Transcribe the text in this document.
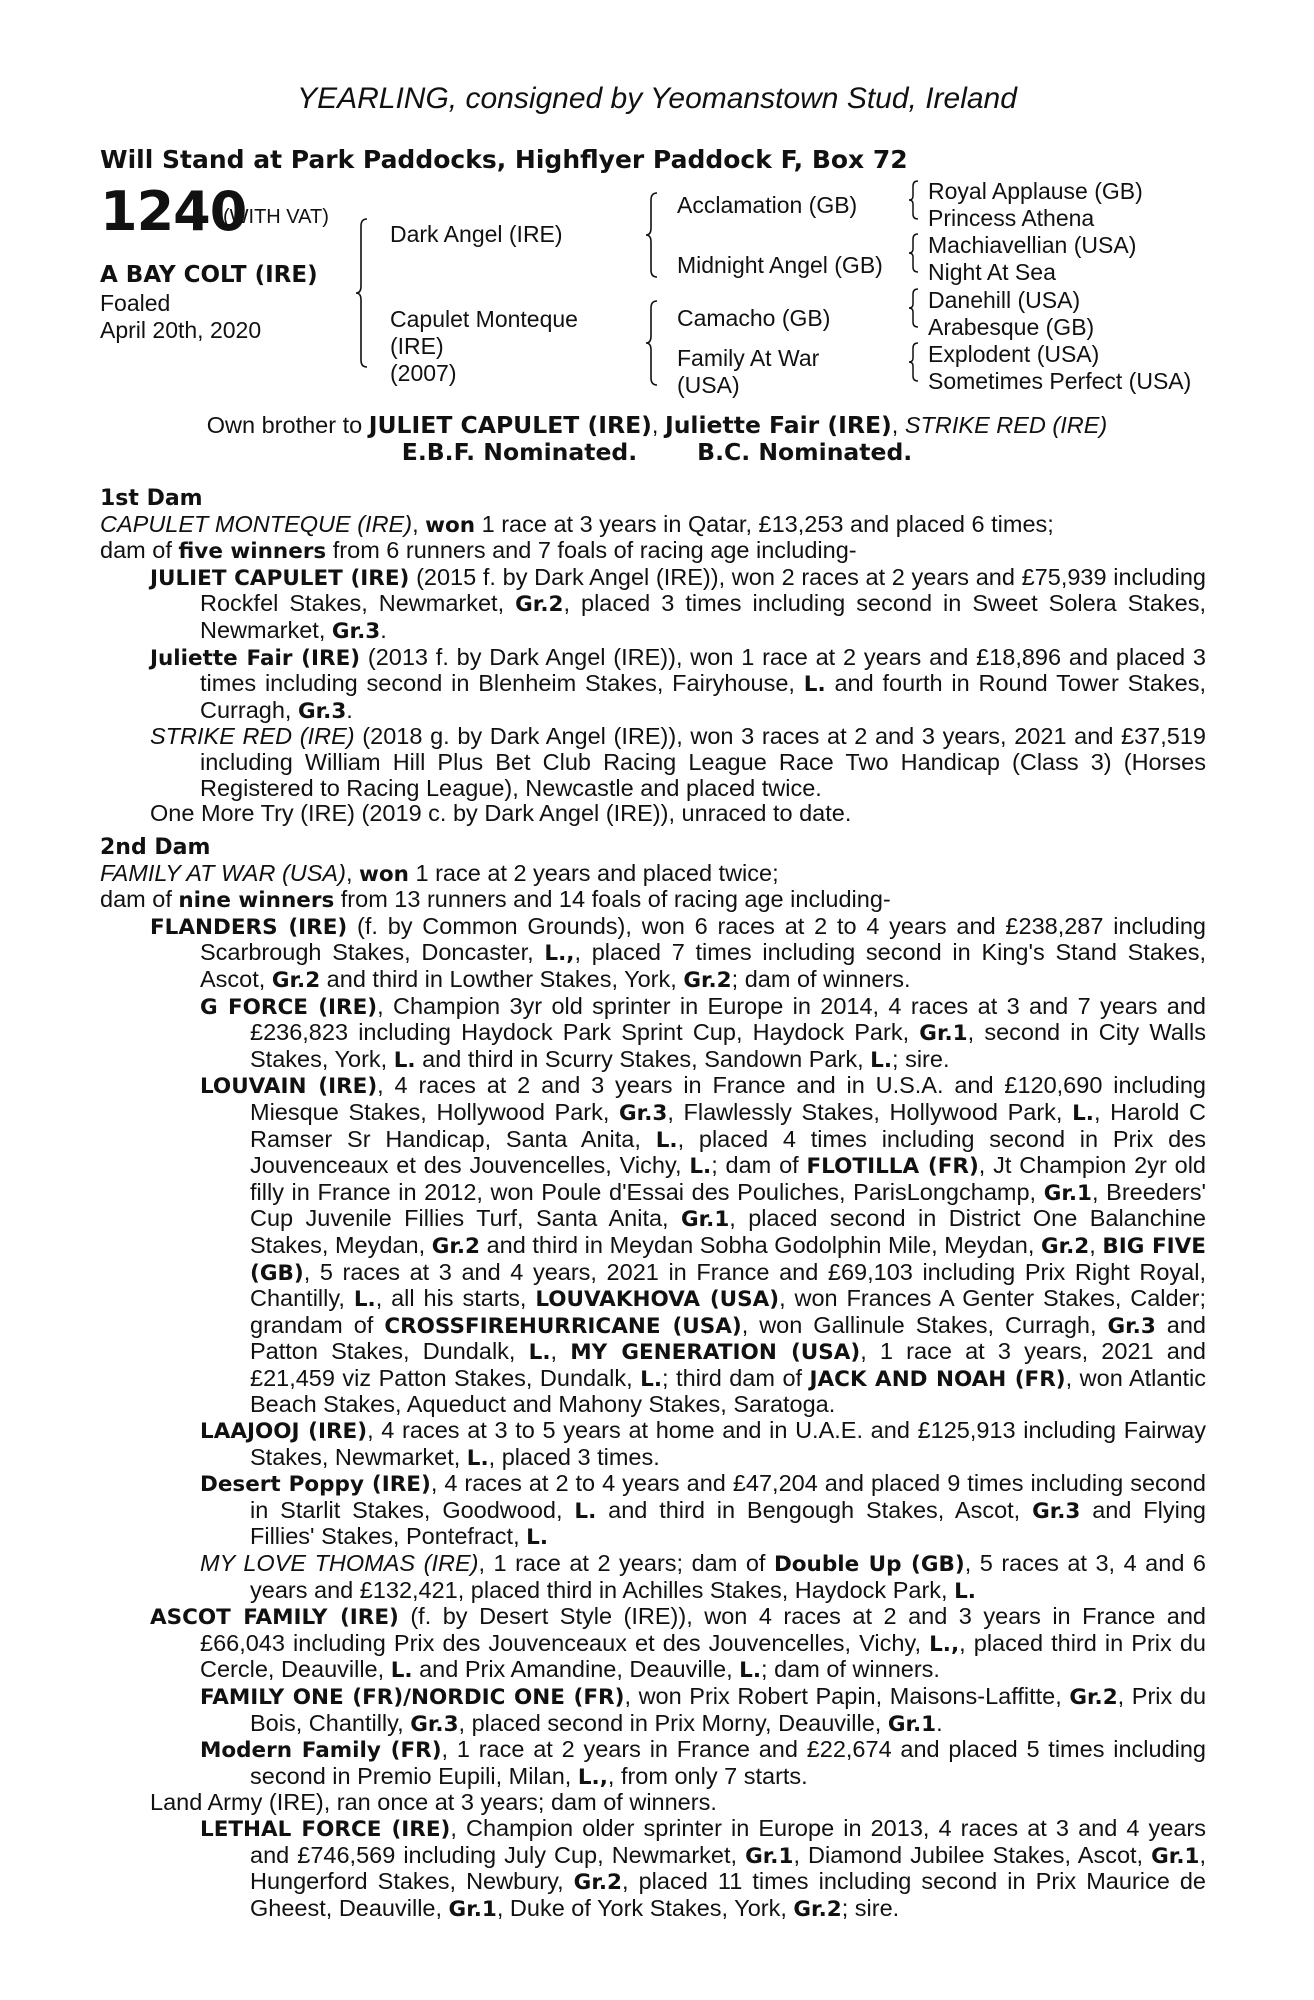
YEARLING, consigned by Yeomanstown Stud, Ireland
Will Stand at Park Paddocks, Highflyer Paddock F, Box 72
1240
(WITH VAT)
A BAY COLT (IRE)
Foaled
April 20th, 2020
Dark Angel (IRE)
Capulet Monteque
(IRE)
(2007)
Acclamation (GB)
Midnight Angel (GB)
Camacho (GB)
Family At War
(USA)
Royal Applause (GB)
Princess Athena
Machiavellian (USA)
Night At Sea
Danehill (USA)
Arabesque (GB)
Explodent (USA)
Sometimes Perfect (USA)
Own brother to JULIET CAPULET (IRE), Juliette Fair (IRE), STRIKE RED (IRE)
E.B.F. Nominated.	B.C. Nominated.
1st Dam
CAPULET MONTEQUE (IRE), won 1 race at 3 years in Qatar, £13,253 and placed 6 times;
dam of five winners from 6 runners and 7 foals of racing age including-
JULIET CAPULET (IRE) (2015 f. by Dark Angel (IRE)), won 2 races at 2 years and £75,939 including Rockfel Stakes, Newmarket, Gr.2, placed 3 times including second in Sweet Solera Stakes, Newmarket, Gr.3.
Juliette Fair (IRE) (2013 f. by Dark Angel (IRE)), won 1 race at 2 years and £18,896 and placed 3 times including second in Blenheim Stakes, Fairyhouse, L. and fourth in Round Tower Stakes, Curragh, Gr.3.
STRIKE RED (IRE) (2018 g. by Dark Angel (IRE)), won 3 races at 2 and 3 years, 2021 and £37,519 including William Hill Plus Bet Club Racing League Race Two Handicap (Class 3) (Horses Registered to Racing League), Newcastle and placed twice.
One More Try (IRE) (2019 c. by Dark Angel (IRE)), unraced to date.
2nd Dam
FAMILY AT WAR (USA), won 1 race at 2 years and placed twice;
dam of nine winners from 13 runners and 14 foals of racing age including-
FLANDERS (IRE) (f. by Common Grounds), won 6 races at 2 to 4 years and £238,287 including Scarbrough Stakes, Doncaster, L.,, placed 7 times including second in King's Stand Stakes, Ascot, Gr.2 and third in Lowther Stakes, York, Gr.2; dam of winners.
G FORCE (IRE), Champion 3yr old sprinter in Europe in 2014, 4 races at 3 and 7 years and £236,823 including Haydock Park Sprint Cup, Haydock Park, Gr.1, second in City Walls Stakes, York, L. and third in Scurry Stakes, Sandown Park, L.; sire.
LOUVAIN (IRE), 4 races at 2 and 3 years in France and in U.S.A. and £120,690 including Miesque Stakes, Hollywood Park, Gr.3, Flawlessly Stakes, Hollywood Park, L., Harold C Ramser Sr Handicap, Santa Anita, L., placed 4 times including second in Prix des Jouvenceaux et des Jouvencelles, Vichy, L.; dam of FLOTILLA (FR), Jt Champion 2yr old filly in France in 2012, won Poule d'Essai des Pouliches, ParisLongchamp, Gr.1, Breeders' Cup Juvenile Fillies Turf, Santa Anita, Gr.1, placed second in District One Balanchine Stakes, Meydan, Gr.2 and third in Meydan Sobha Godolphin Mile, Meydan, Gr.2, BIG FIVE (GB), 5 races at 3 and 4 years, 2021 in France and £69,103 including Prix Right Royal, Chantilly, L., all his starts, LOUVAKHOVA (USA), won Frances A Genter Stakes, Calder; grandam of CROSSFIREHURRICANE (USA), won Gallinule Stakes, Curragh, Gr.3 and Patton Stakes, Dundalk, L., MY GENERATION (USA), 1 race at 3 years, 2021 and £21,459 viz Patton Stakes, Dundalk, L.; third dam of JACK AND NOAH (FR), won Atlantic Beach Stakes, Aqueduct and Mahony Stakes, Saratoga.
LAAJOOJ (IRE), 4 races at 3 to 5 years at home and in U.A.E. and £125,913 including Fairway Stakes, Newmarket, L., placed 3 times.
Desert Poppy (IRE), 4 races at 2 to 4 years and £47,204 and placed 9 times including second in Starlit Stakes, Goodwood, L. and third in Bengough Stakes, Ascot, Gr.3 and Flying Fillies' Stakes, Pontefract, L.
MY LOVE THOMAS (IRE), 1 race at 2 years; dam of Double Up (GB), 5 races at 3, 4 and 6 years and £132,421, placed third in Achilles Stakes, Haydock Park, L.
ASCOT FAMILY (IRE) (f. by Desert Style (IRE)), won 4 races at 2 and 3 years in France and £66,043 including Prix des Jouvenceaux et des Jouvencelles, Vichy, L.,, placed third in Prix du Cercle, Deauville, L. and Prix Amandine, Deauville, L.; dam of winners.
FAMILY ONE (FR)/NORDIC ONE (FR), won Prix Robert Papin, Maisons-Laffitte, Gr.2, Prix du Bois, Chantilly, Gr.3, placed second in Prix Morny, Deauville, Gr.1.
Modern Family (FR), 1 race at 2 years in France and £22,674 and placed 5 times including second in Premio Eupili, Milan, L.,, from only 7 starts.
Land Army (IRE), ran once at 3 years; dam of winners.
LETHAL FORCE (IRE), Champion older sprinter in Europe in 2013, 4 races at 3 and 4 years and £746,569 including July Cup, Newmarket, Gr.1, Diamond Jubilee Stakes, Ascot, Gr.1, Hungerford Stakes, Newbury, Gr.2, placed 11 times including second in Prix Maurice de Gheest, Deauville, Gr.1, Duke of York Stakes, York, Gr.2; sire.
